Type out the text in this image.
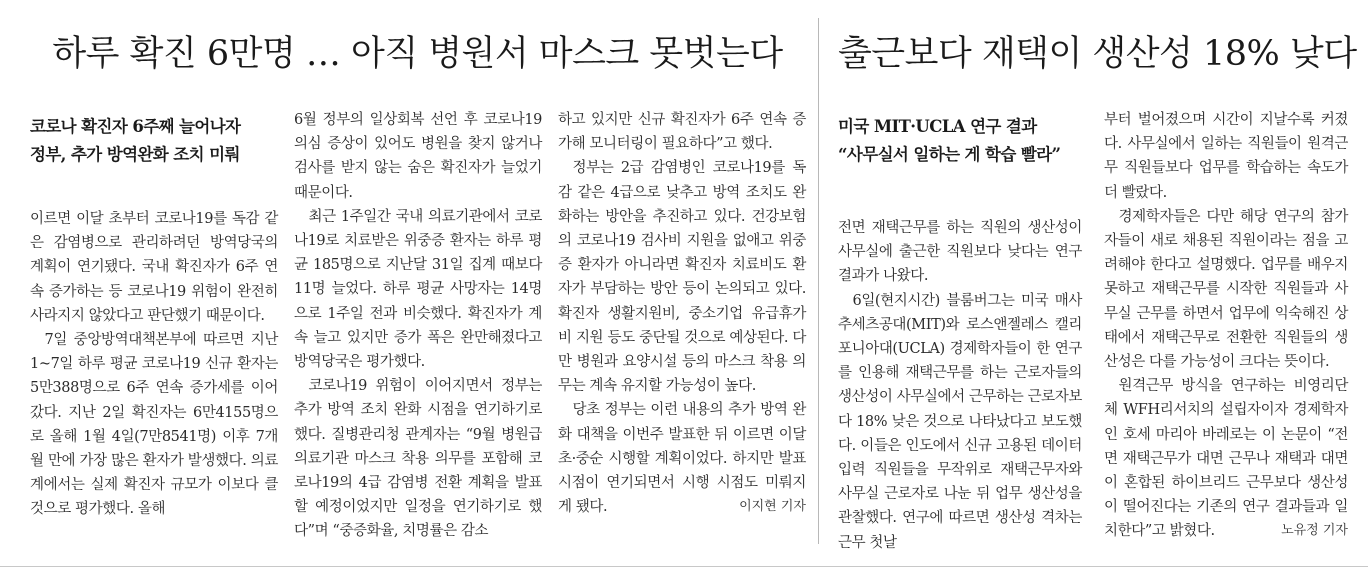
하루 확진 6만명 … 아직 병원서 마스크 못벗는다
코로나 확진자 6주째 늘어나자
정부, 추가 방역완화 조치 미뤄

이르면 이달 초부터 코로나19를 독감 같은 감염병으로 관리하려던 방역당국의 계획이 연기됐다. 국내 확진자가 6주 연속 증가하는 등 코로나19 위험이 완전히 사라지지 않았다고 판단했기 때문이다.

7일 중앙방역대책본부에 따르면 지난 1~7일 하루 평균 코로나19 신규 환자는 5만388명으로 6주 연속 증가세를 이어갔다. 지난 2일 확진자는 6만4155명으로 올해 1월 4일(7만8541명) 이후 7개월 만에 가장 많은 환자가 발생했다. 의료계에서는 실제 확진자 규모가 이보다 클 것으로 평가했다. 올해

6월 정부의 일상회복 선언 후 코로나19 의심 증상이 있어도 병원을 찾지 않거나 검사를 받지 않는 숨은 확진자가 늘었기 때문이다.

최근 1주일간 국내 의료기관에서 코로나19로 치료받은 위중증 환자는 하루 평균 185명으로 지난달 31일 집계 때보다 11명 늘었다. 하루 평균 사망자는 14명으로 1주일 전과 비슷했다. 확진자가 계속 늘고 있지만 증가 폭은 완만해졌다고 방역당국은 평가했다.

코로나19 위험이 이어지면서 정부는 추가 방역 조치 완화 시점을 연기하기로 했다. 질병관리청 관계자는 “9월 병원급 의료기관 마스크 착용 의무를 포함해 코로나19의 4급 감염병 전환 계획을 발표할 예정이었지만 일정을 연기하기로 했다”며 “중증화율, 치명률은 감소

하고 있지만 신규 확진자가 6주 연속 증가해 모니터링이 필요하다”고 했다.

정부는 2급 감염병인 코로나19를 독감 같은 4급으로 낮추고 방역 조치도 완화하는 방안을 추진하고 있다. 건강보험의 코로나19 검사비 지원을 없애고 위중증 환자가 아니라면 확진자 치료비도 환자가 부담하는 방안 등이 논의되고 있다. 확진자 생활지원비, 중소기업 유급휴가비 지원 등도 중단될 것으로 예상된다. 다만 병원과 요양시설 등의 마스크 착용 의무는 계속 유지할 가능성이 높다.

당초 정부는 이런 내용의 추가 방역 완화 대책을 이번주 발표한 뒤 이르면 이달 초·중순 시행할 계획이었다. 하지만 발표 시점이 연기되면서 시행 시점도 미뤄지게 됐다.	이지현 기자

출근보다 재택이 생산성 18% 낮다
미국 MIT·UCLA 연구 결과
“사무실서 일하는 게 학습 빨라”

전면 재택근무를 하는 직원의 생산성이 사무실에 출근한 직원보다 낮다는 연구 결과가 나왔다.

6일(현지시간) 블룸버그는 미국 매사추세츠공대(MIT)와 로스앤젤레스 캘리포니아대(UCLA) 경제학자들이 한 연구를 인용해 재택근무를 하는 근로자들의 생산성이 사무실에서 근무하는 근로자보다 18% 낮은 것으로 나타났다고 보도했다. 이들은 인도에서 신규 고용된 데이터 입력 직원들을 무작위로 재택근무자와 사무실 근로자로 나눈 뒤 업무 생산성을 관찰했다. 연구에 따르면 생산성 격차는 근무 첫날

부터 벌어졌으며 시간이 지날수록 커졌다. 사무실에서 일하는 직원들이 원격근무 직원들보다 업무를 학습하는 속도가 더 빨랐다.

경제학자들은 다만 해당 연구의 참가자들이 새로 채용된 직원이라는 점을 고려해야 한다고 설명했다. 업무를 배우지 못하고 재택근무를 시작한 직원들과 사무실 근무를 하면서 업무에 익숙해진 상태에서 재택근무로 전환한 직원들의 생산성은 다를 가능성이 크다는 뜻이다.

원격근무 방식을 연구하는 비영리단체 WFH리서치의 설립자이자 경제학자인 호세 마리아 바레로는 이 논문이 “전면 재택근무가 대면 근무나 재택과 대면이 혼합된 하이브리드 근무보다 생산성이 떨어진다는 기존의 연구 결과들과 일치한다”고 밝혔다.	노유정 기자
